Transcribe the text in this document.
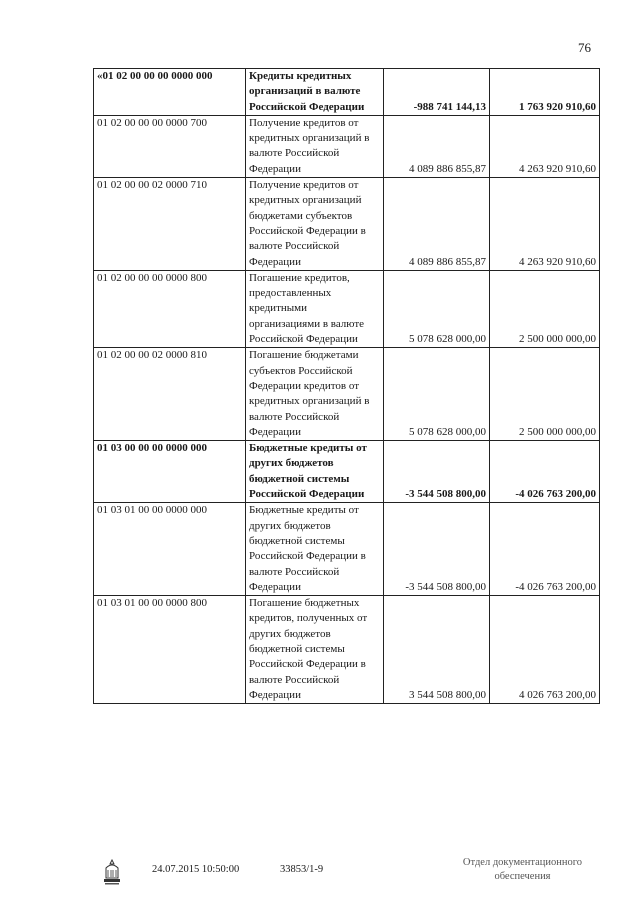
76
«01 02 00 00 00 0000 000	Кредиты кредитных организаций в валюте Российской Федерации	-988 741 144,13	1 763 920 910,60
01 02 00 00 00 0000 700	Получение кредитов от кредитных организаций в валюте Российской Федерации	4 089 886 855,87	4 263 920 910,60
01 02 00 00 02 0000 710	Получение кредитов от кредитных организаций бюджетами субъектов Российской Федерации в валюте Российской Федерации	4 089 886 855,87	4 263 920 910,60
01 02 00 00 00 0000 800	Погашение кредитов, предоставленных кредитными организациями в валюте Российской Федерации	5 078 628 000,00	2 500 000 000,00
01 02 00 00 02 0000 810	Погашение бюджетами субъектов Российской Федерации кредитов от кредитных организаций в валюте Российской Федерации	5 078 628 000,00	2 500 000 000,00
01 03 00 00 00 0000 000	Бюджетные кредиты от других бюджетов бюджетной системы Российской Федерации	-3 544 508 800,00	-4 026 763 200,00
01 03 01 00 00 0000 000	Бюджетные кредиты от других бюджетов бюджетной системы Российской Федерации в валюте Российской Федерации	-3 544 508 800,00	-4 026 763 200,00
01 03 01 00 00 0000 800	Погашение бюджетных кредитов, полученных от других бюджетов бюджетной системы Российской Федерации в валюте Российской Федерации	3 544 508 800,00	4 026 763 200,00
24.07.2015 10:50:00	33853/1-9
Отдел документационного
обеспечения
